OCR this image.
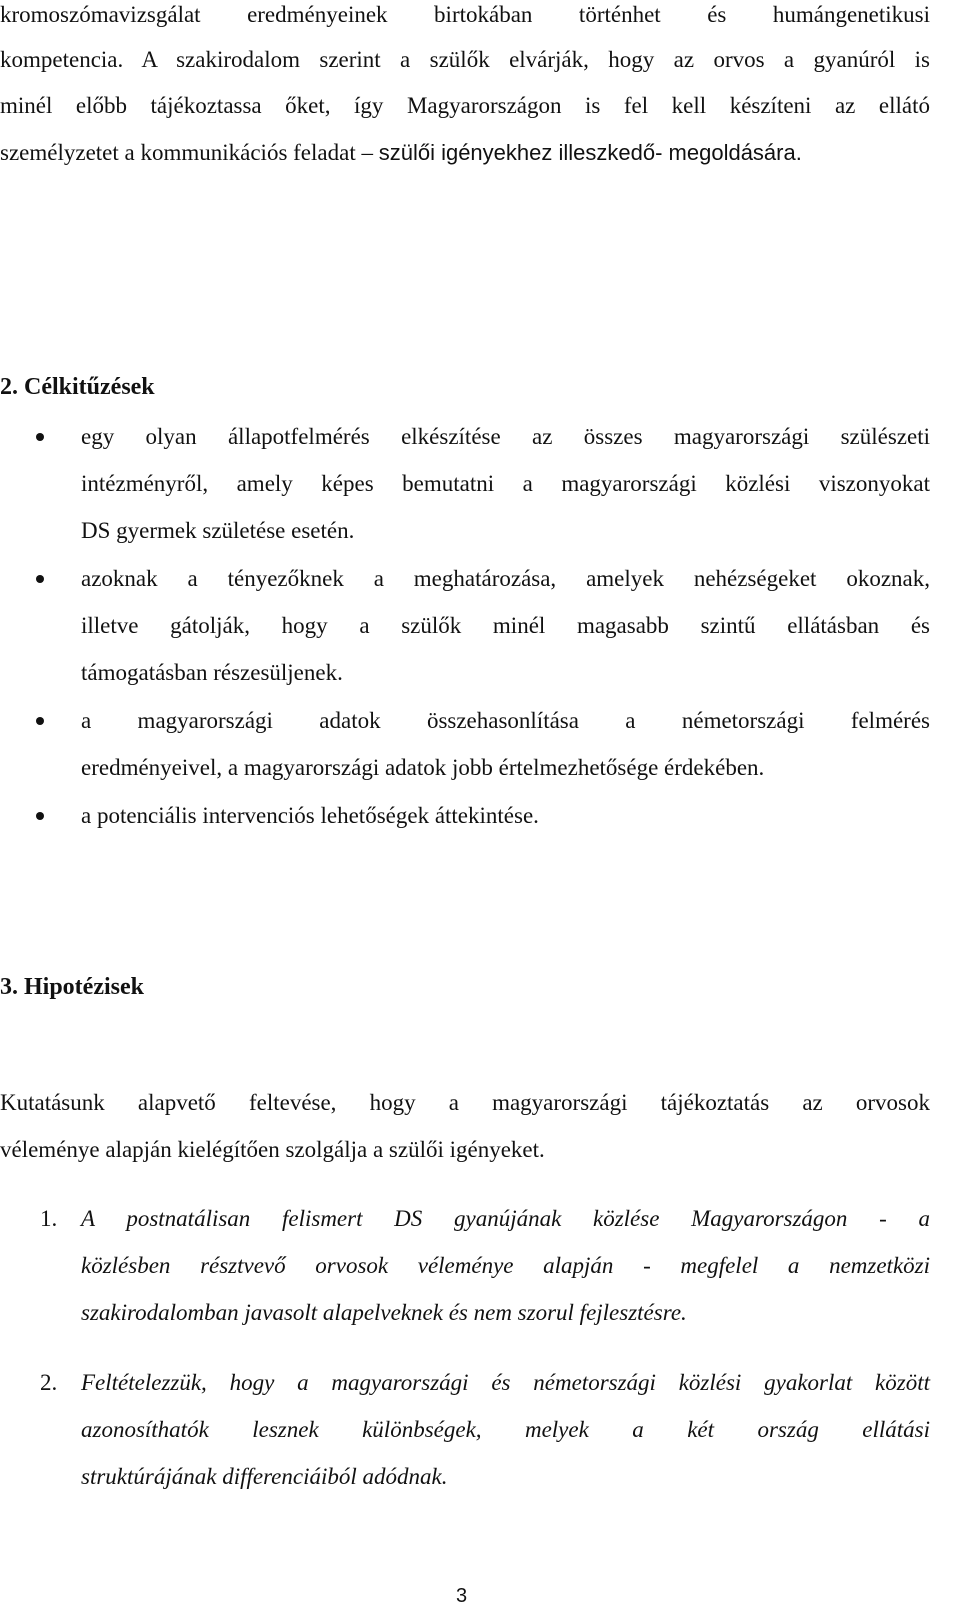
kromoszómavizsgálat eredményeinek birtokában történhet és humángenetikusi
kompetencia. A szakirodalom szerint a szülők elvárják, hogy az orvos a gyanúról is
minél előbb tájékoztassa őket, így Magyarországon is fel kell készíteni az ellátó
személyzetet a kommunikációs feladat – szülői igényekhez illeszkedő- megoldására.
2. Célkitűzések
egy olyan állapotfelmérés elkészítése az összes magyarországi szülészeti
intézményről, amely képes bemutatni a magyarországi közlési viszonyokat
DS gyermek születése esetén.
azoknak a tényezőknek a meghatározása, amelyek nehézségeket okoznak,
illetve gátolják, hogy a szülők minél magasabb szintű ellátásban és
támogatásban részesüljenek.
a magyarországi adatok összehasonlítása a németországi felmérés
eredményeivel, a magyarországi adatok jobb értelmezhetősége érdekében.
a potenciális intervenciós lehetőségek áttekintése.
3. Hipotézisek
Kutatásunk alapvető feltevése, hogy a magyarországi tájékoztatás az orvosok
véleménye alapján kielégítően szolgálja a szülői igényeket.
1. A postnatálisan felismert DS gyanújának közlése Magyarországon - a
közlésben résztvevő orvosok véleménye alapján - megfelel a nemzetközi
szakirodalomban javasolt alapelveknek és nem szorul fejlesztésre.
2. Feltételezzük, hogy a magyarországi és németországi közlési gyakorlat között
azonosíthatók lesznek különbségek, melyek a két ország ellátási
struktúrájának differenciáiból adódnak.
3
